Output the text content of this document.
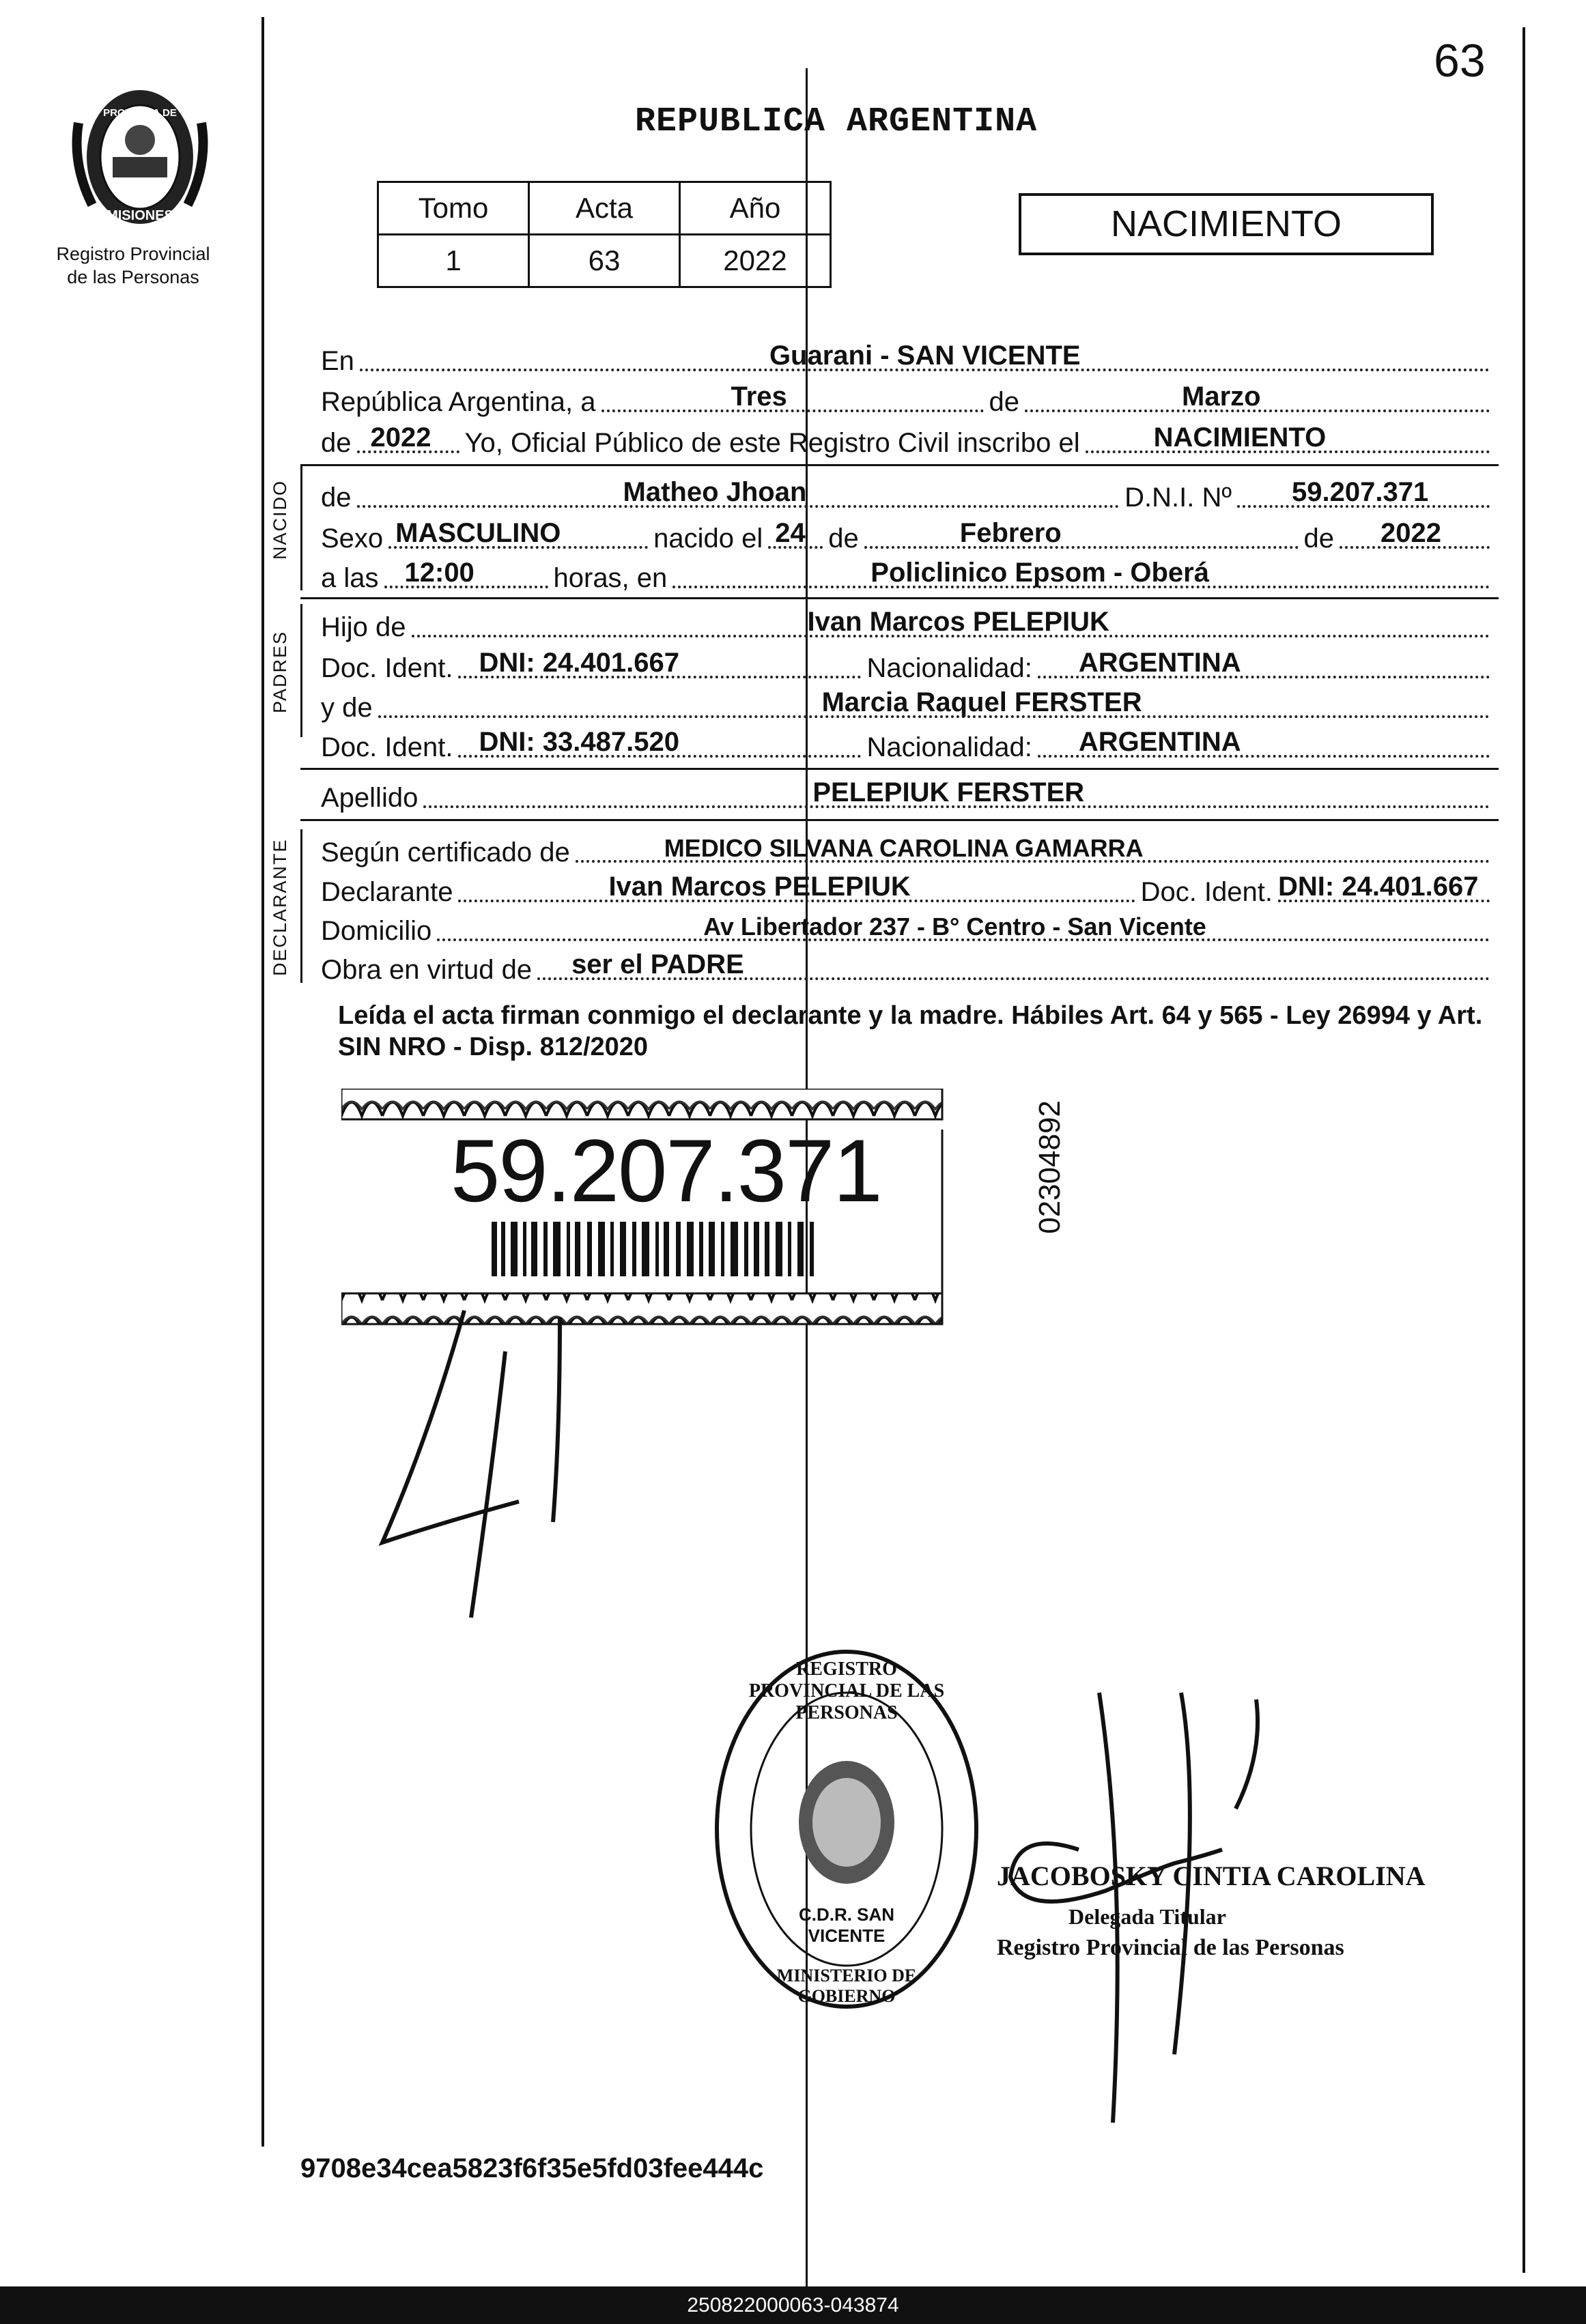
63
PROVINCIA DE
MISIONES
Registro Provincial
de las Personas
REPUBLICA ARGENTINA
Tomo	Acta	Año
1	63	2022
NACIMIENTO
En	Guarani - SAN VICENTE
República Argentina, a	Tres	de	Marzo
de 2022 Yo, Oficial Público de este Registro Civil inscribo el	NACIMIENTO
NACIDO de	Matheo Jhoan	D.N.I. Nº 59.207.371
Sexo MASCULINO	nacido el 24 de	Febrero	de 2022
a las 12:00	horas, en	Policlinico Epsom - Oberá
PADRES
Hijo de	Ivan Marcos PELEPIUK
Doc. Ident. DNI: 24.401.667	Nacionalidad: ARGENTINA
y de	Marcia Raquel FERSTER
Doc. Ident. DNI: 33.487.520	Nacionalidad: ARGENTINA
Apellido	PELEPIUK FERSTER
DECLARANTE Según certificado de	MEDICO SILVANA CAROLINA GAMARRA
Declarante	Ivan Marcos PELEPIUK	Doc. Ident. DNI: 24.401.667
Domicilio	Av Libertador 237 - B° Centro - San Vicente
Obra en virtud de ser el PADRE
Leída el acta firman conmigo el declarante y la madre. Hábiles Art. 64 y 565 - Ley 26994 y Art. SIN NRO - Disp. 812/2020
59.207.371	02304892
REGISTRO PROVINCIAL DE LAS PERSONAS
C.D.R. SAN VICENTE
MINISTERIO DE GOBIERNO
JACOBOSKY CINTIA CAROLINA
Delegada Titular
Registro Provincial de las Personas
9708e34cea5823f6f35e5fd03fee444c
250822000063-043874
